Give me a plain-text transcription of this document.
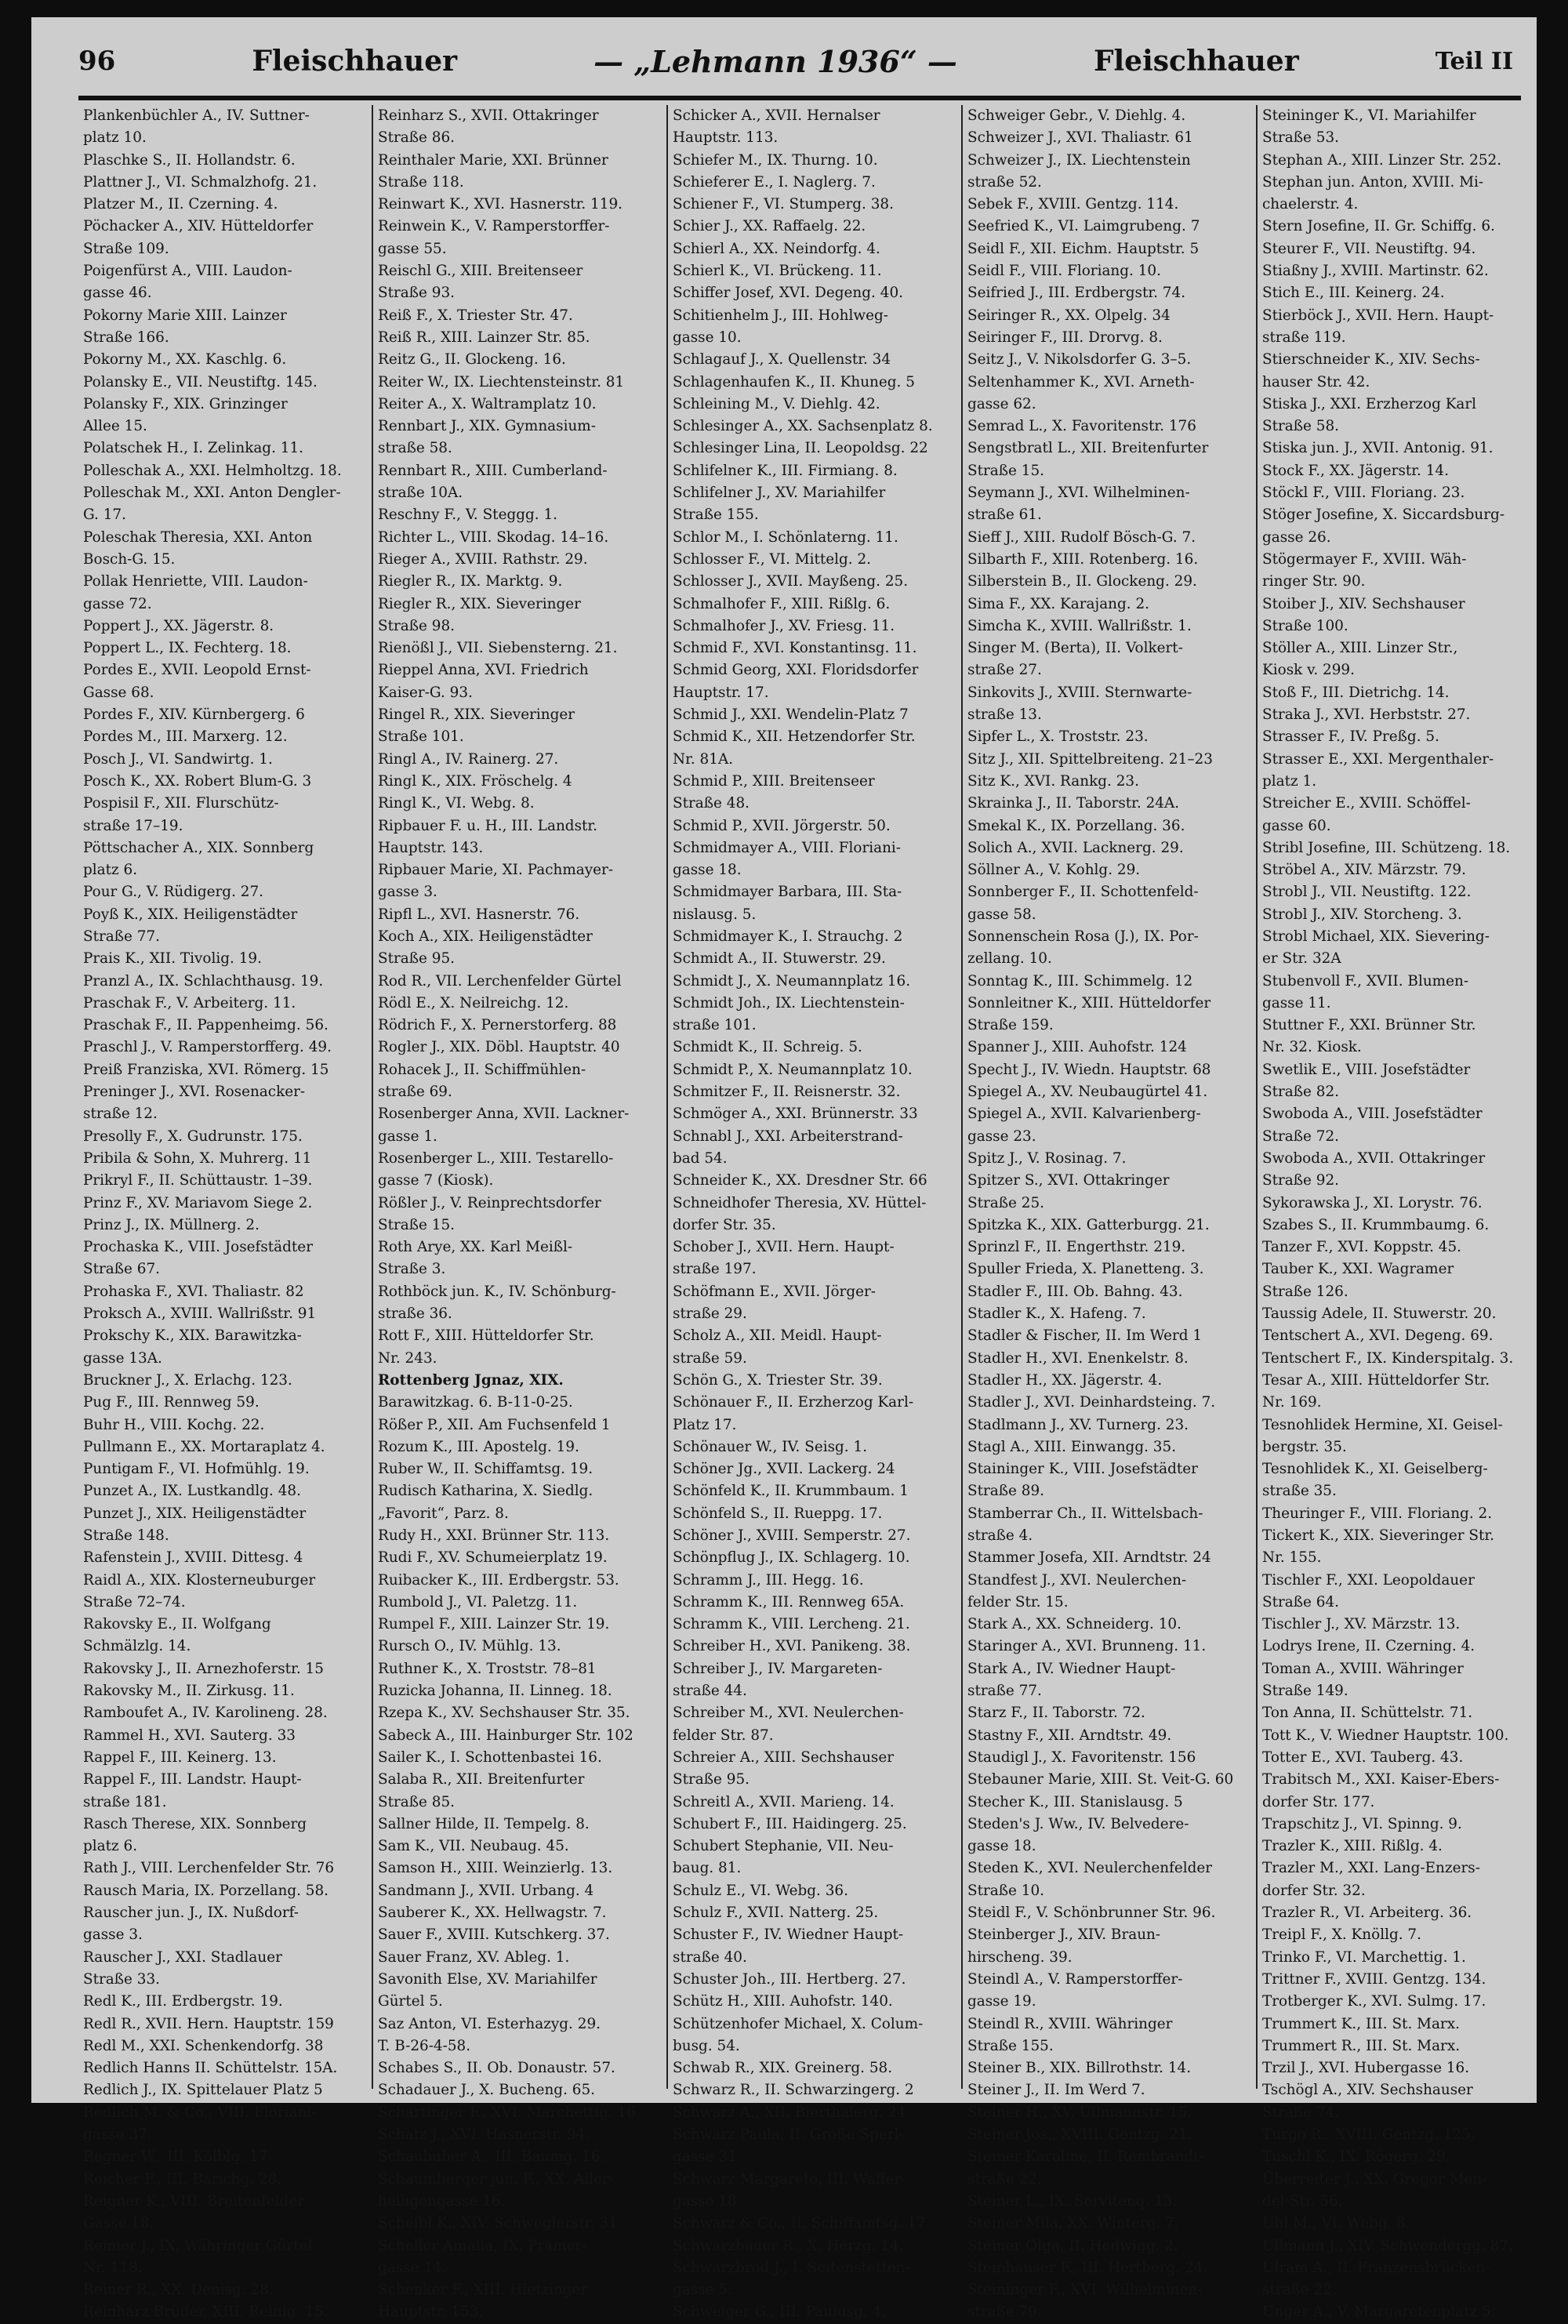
96	Fleischhauer	— „Lehmann 1936“ —	Fleischhauer	Teil II
Plankenbüchler A., IV. Suttner-
platz 10.
Plaschke S., II. Hollandstr. 6.
Plattner J., VI. Schmalzhofg. 21.
Platzer M., II. Czerning. 4.
Pöchacker A., XIV. Hütteldorfer
Straße 109.
Poigenfürst A., VIII. Laudon-
gasse 46.
Pokorny Marie XIII. Lainzer
Straße 166.
Pokorny M., XX. Kaschlg. 6.
Polansky E., VII. Neustiftg. 145.
Polansky F., XIX. Grinzinger
Allee 15.
Polatschek H., I. Zelinkag. 11.
Polleschak A., XXI. Helmholtzg. 18.
Polleschak M., XXI. Anton Dengler-
G. 17.
Poleschak Theresia, XXI. Anton
Bosch-G. 15.
Pollak Henriette, VIII. Laudon-
gasse 72.
Poppert J., XX. Jägerstr. 8.
Poppert L., IX. Fechterg. 18.
Pordes E., XVII. Leopold Ernst-
Gasse 68.
Pordes F., XIV. Kürnbergerg. 6
Pordes M., III. Marxerg. 12.
Posch J., VI. Sandwirtg. 1.
Posch K., XX. Robert Blum-G. 3
Pospisil F., XII. Flurschütz-
straße 17–19.
Pöttschacher A., XIX. Sonnberg
platz 6.
Pour G., V. Rüdigerg. 27.
Poyß K., XIX. Heiligenstädter
Straße 77.
Prais K., XII. Tivolig. 19.
Pranzl A., IX. Schlachthausg. 19.
Praschak F., V. Arbeiterg. 11.
Praschak F., II. Pappenheimg. 56.
Praschl J., V. Ramperstorfferg. 49.
Preiß Franziska, XVI. Römerg. 15
Preninger J., XVI. Rosenacker-
straße 12.
Presolly F., X. Gudrunstr. 175.
Pribila & Sohn, X. Muhrerg. 11
Prikryl F., II. Schüttaustr. 1–39.
Prinz F., XV. Mariavom Siege 2.
Prinz J., IX. Müllnerg. 2.
Prochaska K., VIII. Josefstädter
Straße 67.
Prohaska F., XVI. Thaliastr. 82
Proksch A., XVIII. Wallrißstr. 91
Prokschy K., XIX. Barawitzka-
gasse 13A.
Bruckner J., X. Erlachg. 123.
Pug F., III. Rennweg 59.
Buhr H., VIII. Kochg. 22.
Pullmann E., XX. Mortaraplatz 4.
Puntigam F., VI. Hofmühlg. 19.
Punzet A., IX. Lustkandlg. 48.
Punzet J., XIX. Heiligenstädter
Straße 148.
Rafenstein J., XVIII. Dittesg. 4
Raidl A., XIX. Klosterneuburger
Straße 72–74.
Rakovsky E., II. Wolfgang
Schmälzlg. 14.
Rakovsky J., II. Arnezhoferstr. 15
Rakovsky M., II. Zirkusg. 11.
Ramboufet A., IV. Karolineng. 28.
Rammel H., XVI. Sauterg. 33
Rappel F., III. Keinerg. 13.
Rappel F., III. Landstr. Haupt-
straße 181.
Rasch Therese, XIX. Sonnberg
platz 6.
Rath J., VIII. Lerchenfelder Str. 76
Rausch Maria, IX. Porzellang. 58.
Rauscher jun. J., IX. Nußdorf-
gasse 3.
Rauscher J., XXI. Stadlauer
Straße 33.
Redl K., III. Erdbergstr. 19.
Redl R., XVII. Hern. Hauptstr. 159
Redl M., XXI. Schenkendorfg. 38
Redlich Hanns II. Schüttelstr. 15A.
Redlich J., IX. Spittelauer Platz 5
Redlich M. & Co., VIII. Floriani-
gasse 37.
Regner W., III. Kölblg. 17.
Reicher F., III. Barichg. 28.
Reigner K., VIII. Breitenfelder
Gasse 18.
Reimer J., IX. Währinger Gürtel
Nr. 118.
Reiner R., XX. Denisg. 28.
Reinharz Brüder, XIII. Reinig. 15.
Reinharz S., XVII. Ottakringer
Straße 86.
Reinthaler Marie, XXI. Brünner
Straße 118.
Reinwart K., XVI. Hasnerstr. 119.
Reinwein K., V. Ramperstorffer-
gasse 55.
Reischl G., XIII. Breitenseer
Straße 93.
Reiß F., X. Triester Str. 47.
Reiß R., XIII. Lainzer Str. 85.
Reitz G., II. Glockeng. 16.
Reiter W., IX. Liechtensteinstr. 81
Reiter A., X. Waltramplatz 10.
Rennbart J., XIX. Gymnasium-
straße 58.
Rennbart R., XIII. Cumberland-
straße 10A.
Reschny F., V. Steggg. 1.
Richter L., VIII. Skodag. 14–16.
Rieger A., XVIII. Rathstr. 29.
Riegler R., IX. Marktg. 9.
Riegler R., XIX. Sieveringer
Straße 98.
Rienößl J., VII. Siebensterng. 21.
Rieppel Anna, XVI. Friedrich
Kaiser-G. 93.
Ringel R., XIX. Sieveringer
Straße 101.
Ringl A., IV. Rainerg. 27.
Ringl K., XIX. Fröschelg. 4
Ringl K., VI. Webg. 8.
Ripbauer F. u. H., III. Landstr.
Hauptstr. 143.
Ripbauer Marie, XI. Pachmayer-
gasse 3.
Ripfl L., XVI. Hasnerstr. 76.
Koch A., XIX. Heiligenstädter
Straße 95.
Rod R., VII. Lerchenfelder Gürtel
Rödl E., X. Neilreichg. 12.
Rödrich F., X. Pernerstorferg. 88
Rogler J., XIX. Döbl. Hauptstr. 40
Rohacek J., II. Schiffmühlen-
straße 69.
Rosenberger Anna, XVII. Lackner-
gasse 1.
Rosenberger L., XIII. Testarello-
gasse 7 (Kiosk).
Rößler J., V. Reinprechtsdorfer
Straße 15.
Roth Arye, XX. Karl Meißl-
Straße 3.
Rothböck jun. K., IV. Schönburg-
straße 36.
Rott F., XIII. Hütteldorfer Str.
Nr. 243.
Rottenberg Jgnaz, XIX.
Barawitzkag. 6. B-11-0-25.
Rößer P., XII. Am Fuchsenfeld 1
Rozum K., III. Apostelg. 19.
Ruber W., II. Schiffamtsg. 19.
Rudisch Katharina, X. Siedlg.
„Favorit“, Parz. 8.
Rudy H., XXI. Brünner Str. 113.
Rudi F., XV. Schumeierplatz 19.
Ruibacker K., III. Erdbergstr. 53.
Rumbold J., VI. Paletzg. 11.
Rumpel F., XIII. Lainzer Str. 19.
Rursch O., IV. Mühlg. 13.
Ruthner K., X. Troststr. 78–81
Ruzicka Johanna, II. Linneg. 18.
Rzepa K., XV. Sechshauser Str. 35.
Sabeck A., III. Hainburger Str. 102
Sailer K., I. Schottenbastei 16.
Salaba R., XII. Breitenfurter
Straße 85.
Sallner Hilde, II. Tempelg. 8.
Sam K., VII. Neubaug. 45.
Samson H., XIII. Weinzierlg. 13.
Sandmann J., XVII. Urbang. 4
Sauberer K., XX. Hellwagstr. 7.
Sauer F., XVIII. Kutschkerg. 37.
Sauer Franz, XV. Ableg. 1.
Savonith Else, XV. Mariahilfer
Gürtel 5.
Saz Anton, VI. Esterhazyg. 29.
T. B-26-4-58.
Schabes S., II. Ob. Donaustr. 57.
Schadauer J., X. Bucheng. 65.
Schartinger F., XVI. Marchettig. 16
Schatz J., XVI. Hasnerstr. 94.
Schaububer A., III. Baumg. 16.
Schaumberger jun. F., XX. Aller-
heiligengasse 16.
Scheibl K., XIV. Schweglerstr. 31.
Scheller Amalia, IX. Pramer-
gasse 14.
Schenker F., XIII. Hietzinger
Hauptstr. 153.
Schicker A., XVII. Hernalser
Hauptstr. 113.
Schiefer M., IX. Thurng. 10.
Schieferer E., I. Naglerg. 7.
Schiener F., VI. Stumperg. 38.
Schier J., XX. Raffaelg. 22.
Schierl A., XX. Neindorfg. 4.
Schierl K., VI. Brückeng. 11.
Schiffer Josef, XVI. Degeng. 40.
Schitienhelm J., III. Hohlweg-
gasse 10.
Schlagauf J., X. Quellenstr. 34
Schlagenhaufen K., II. Khuneg. 5
Schleining M., V. Diehlg. 42.
Schlesinger A., XX. Sachsenplatz 8.
Schlesinger Lina, II. Leopoldsg. 22
Schlifelner K., III. Firmiang. 8.
Schlifelner J., XV. Mariahilfer
Straße 155.
Schlor M., I. Schönlaterng. 11.
Schlosser F., VI. Mittelg. 2.
Schlosser J., XVII. Mayßeng. 25.
Schmalhofer F., XIII. Rißlg. 6.
Schmalhofer J., XV. Friesg. 11.
Schmid F., XVI. Konstantinsg. 11.
Schmid Georg, XXI. Floridsdorfer
Hauptstr. 17.
Schmid J., XXI. Wendelin-Platz 7
Schmid K., XII. Hetzendorfer Str.
Nr. 81A.
Schmid P., XIII. Breitenseer
Straße 48.
Schmid P., XVII. Jörgerstr. 50.
Schmidmayer A., VIII. Floriani-
gasse 18.
Schmidmayer Barbara, III. Sta-
nislausg. 5.
Schmidmayer K., I. Strauchg. 2
Schmidt A., II. Stuwerstr. 29.
Schmidt J., X. Neumannplatz 16.
Schmidt Joh., IX. Liechtenstein-
straße 101.
Schmidt K., II. Schreig. 5.
Schmidt P., X. Neumannplatz 10.
Schmitzer F., II. Reisnerstr. 32.
Schmöger A., XXI. Brünnerstr. 33
Schnabl J., XXI. Arbeiterstrand-
bad 54.
Schneider K., XX. Dresdner Str. 66
Schneidhofer Theresia, XV. Hüttel-
dorfer Str. 35.
Schober J., XVII. Hern. Haupt-
straße 197.
Schöfmann E., XVII. Jörger-
straße 29.
Scholz A., XII. Meidl. Haupt-
straße 59.
Schön G., X. Triester Str. 39.
Schönauer F., II. Erzherzog Karl-
Platz 17.
Schönauer W., IV. Seisg. 1.
Schöner Jg., XVII. Lackerg. 24
Schönfeld K., II. Krummbaum. 1
Schönfeld S., II. Rueppg. 17.
Schöner J., XVIII. Semperstr. 27.
Schönpflug J., IX. Schlagerg. 10.
Schramm J., III. Hegg. 16.
Schramm K., III. Rennweg 65A.
Schramm K., VIII. Lercheng. 21.
Schreiber H., XVI. Panikeng. 38.
Schreiber J., IV. Margareten-
straße 44.
Schreiber M., XVI. Neulerchen-
felder Str. 87.
Schreier A., XIII. Sechshauser
Straße 95.
Schreitl A., XVII. Marieng. 14.
Schubert F., III. Haidingerg. 25.
Schubert Stephanie, VII. Neu-
baug. 81.
Schulz E., VI. Webg. 36.
Schulz F., XVII. Natterg. 25.
Schuster F., IV. Wiedner Haupt-
straße 40.
Schuster Joh., III. Hertberg. 27.
Schütz H., XIII. Auhofstr. 140.
Schützenhofer Michael, X. Colum-
busg. 54.
Schwab R., XIX. Greinerg. 58.
Schwarz R., II. Schwarzingerg. 2
Schwarz A., XII. Bierthalerg. 24
Schwarz Paula, II. Große Sperl-
gasse 31.
Schwarz Margarete, III. Waffer-
gasse 18.
Schwarz & Co., II. Schiffamtsg. 17
Schwarzbauer R., X. Herzg. 14.
Schwarzbrod J., I. Seitenstetten-
gasse 5.
Schweiger G., III. Paulusg. 4.
Schweiger Gebr., V. Diehlg. 4.
Schweizer J., XVI. Thaliastr. 61
Schweizer J., IX. Liechtenstein
straße 52.
Sebek F., XVIII. Gentzg. 114.
Seefried K., VI. Laimgrubeng. 7
Seidl F., XII. Eichm. Hauptstr. 5
Seidl F., VIII. Floriang. 10.
Seifried J., III. Erdbergstr. 74.
Seiringer R., XX. Olpelg. 34
Seiringer F., III. Drorvg. 8.
Seitz J., V. Nikolsdorfer G. 3–5.
Seltenhammer K., XVI. Arneth-
gasse 62.
Semrad L., X. Favoritenstr. 176
Sengstbratl L., XII. Breitenfurter
Straße 15.
Seymann J., XVI. Wilhelminen-
straße 61.
Sieff J., XIII. Rudolf Bösch-G. 7.
Silbarth F., XIII. Rotenberg. 16.
Silberstein B., II. Glockeng. 29.
Sima F., XX. Karajang. 2.
Simcha K., XVIII. Wallrißstr. 1.
Singer M. (Berta), II. Volkert-
straße 27.
Sinkovits J., XVIII. Sternwarte-
straße 13.
Sipfer L., X. Troststr. 23.
Sitz J., XII. Spittelbreiteng. 21–23
Sitz K., XVI. Rankg. 23.
Skrainka J., II. Taborstr. 24A.
Smekal K., IX. Porzellang. 36.
Solich A., XVII. Lacknerg. 29.
Söllner A., V. Kohlg. 29.
Sonnberger F., II. Schottenfeld-
gasse 58.
Sonnenschein Rosa (J.), IX. Por-
zellang. 10.
Sonntag K., III. Schimmelg. 12
Sonnleitner K., XIII. Hütteldorfer
Straße 159.
Spanner J., XIII. Auhofstr. 124
Specht J., IV. Wiedn. Hauptstr. 68
Spiegel A., XV. Neubaugürtel 41.
Spiegel A., XVII. Kalvarienberg-
gasse 23.
Spitz J., V. Rosinag. 7.
Spitzer S., XVI. Ottakringer
Straße 25.
Spitzka K., XIX. Gatterburgg. 21.
Sprinzl F., II. Engerthstr. 219.
Spuller Frieda, X. Planetteng. 3.
Stadler F., III. Ob. Bahng. 43.
Stadler K., X. Hafeng. 7.
Stadler & Fischer, II. Im Werd 1
Stadler H., XVI. Enenkelstr. 8.
Stadler H., XX. Jägerstr. 4.
Stadler J., XVI. Deinhardsteing. 7.
Stadlmann J., XV. Turnerg. 23.
Stagl A., XIII. Einwangg. 35.
Staininger K., VIII. Josefstädter
Straße 89.
Stamberrar Ch., II. Wittelsbach-
straße 4.
Stammer Josefa, XII. Arndtstr. 24
Standfest J., XVI. Neulerchen-
felder Str. 15.
Stark A., XX. Schneiderg. 10.
Staringer A., XVI. Brunneng. 11.
Stark A., IV. Wiedner Haupt-
straße 77.
Starz F., II. Taborstr. 72.
Stastny F., XII. Arndtstr. 49.
Staudigl J., X. Favoritenstr. 156
Stebauner Marie, XIII. St. Veit-G. 60
Stecher K., III. Stanislausg. 5
Steden's J. Ww., IV. Belvedere-
gasse 18.
Steden K., XVI. Neulerchenfelder
Straße 10.
Steidl F., V. Schönbrunner Str. 96.
Steinberger J., XIV. Braun-
hirscheng. 39.
Steindl A., V. Ramperstorffer-
gasse 19.
Steindl R., XVIII. Währinger
Straße 155.
Steiner B., XIX. Billrothstr. 14.
Steiner J., II. Im Werd 7.
Steiner H., XV. Ullmannstr. 15.
Steiner Jos., XVIII. Gentzg. 21.
Steiner Karoline, II. Rembrandt-
straße 22.
Steiner L., IX. Servitenq. 13.
Steiner Mila, XX. Winterg. 7.
Steiner Olga, II. Hedwigg. 2.
Steinhauser F., III. Hertberg. 24.
Steininger F., XVI. Wilhelminen-
straße 79.
Steininger K., VI. Mariahilfer
Straße 53.
Stephan A., XIII. Linzer Str. 252.
Stephan jun. Anton, XVIII. Mi-
chaelerstr. 4.
Stern Josefine, II. Gr. Schiffg. 6.
Steurer F., VII. Neustiftg. 94.
Stiaßny J., XVIII. Martinstr. 62.
Stich E., III. Keinerg. 24.
Stierböck J., XVII. Hern. Haupt-
straße 119.
Stierschneider K., XIV. Sechs-
hauser Str. 42.
Stiska J., XXI. Erzherzog Karl
Straße 58.
Stiska jun. J., XVII. Antonig. 91.
Stock F., XX. Jägerstr. 14.
Stöckl F., VIII. Floriang. 23.
Stöger Josefine, X. Siccardsburg-
gasse 26.
Stögermayer F., XVIII. Wäh-
ringer Str. 90.
Stoiber J., XIV. Sechshauser
Straße 100.
Stöller A., XIII. Linzer Str.,
Kiosk v. 299.
Stoß F., III. Dietrichg. 14.
Straka J., XVI. Herbststr. 27.
Strasser F., IV. Preßg. 5.
Strasser E., XXI. Mergenthaler-
platz 1.
Streicher E., XVIII. Schöffel-
gasse 60.
Stribl Josefine, III. Schützeng. 18.
Ströbel A., XIV. Märzstr. 79.
Strobl J., VII. Neustiftg. 122.
Strobl J., XIV. Storcheng. 3.
Strobl Michael, XIX. Sievering-
er Str. 32A
Stubenvoll F., XVII. Blumen-
gasse 11.
Stuttner F., XXI. Brünner Str.
Nr. 32. Kiosk.
Swetlik E., VIII. Josefstädter
Straße 82.
Swoboda A., VIII. Josefstädter
Straße 72.
Swoboda A., XVII. Ottakringer
Straße 92.
Sykorawska J., XI. Lorystr. 76.
Szabes S., II. Krummbaumg. 6.
Tanzer F., XVI. Koppstr. 45.
Tauber K., XXI. Wagramer
Straße 126.
Taussig Adele, II. Stuwerstr. 20.
Tentschert A., XVI. Degeng. 69.
Tentschert F., IX. Kinderspitalg. 3.
Tesar A., XIII. Hütteldorfer Str.
Nr. 169.
Tesnohlidek Hermine, XI. Geisel-
bergstr. 35.
Tesnohlidek K., XI. Geiselberg-
straße 35.
Theuringer F., VIII. Floriang. 2.
Tickert K., XIX. Sieveringer Str.
Nr. 155.
Tischler F., XXI. Leopoldauer
Straße 64.
Tischler J., XV. Märzstr. 13.
Lodrys Irene, II. Czerning. 4.
Toman A., XVIII. Währinger
Straße 149.
Ton Anna, II. Schüttelstr. 71.
Tott K., V. Wiedner Hauptstr. 100.
Totter E., XVI. Tauberg. 43.
Trabitsch M., XXI. Kaiser-Ebers-
dorfer Str. 177.
Trapschitz J., VI. Spinng. 9.
Trazler K., XIII. Rißlg. 4.
Trazler M., XXI. Lang-Enzers-
dorfer Str. 32.
Trazler R., VI. Arbeiterg. 36.
Treipl F., X. Knöllg. 7.
Trinko F., VI. Marchettig. 1.
Trittner F., XVIII. Gentzg. 134.
Trotberger K., XVI. Sulmg. 17.
Trummert K., III. St. Marx.
Trummert R., III. St. Marx.
Trzil J., XVI. Hubergasse 16.
Tschögl A., XIV. Sechshauser
Straße 74.
Turgo R., XVIII. Gentzg. 125.
Tuschl K., IX. Rögerg. 29.
Überreiter J., XX. Gregor Men-
del-Str. 56.
Uhl M., VI. Webg. 8.
Ullmann J., XIV. Schwendergg. 87.
Ulram A., II. Franzensbrücken-
straße 22.
Unger A., V. Margaretenplatz 5.
